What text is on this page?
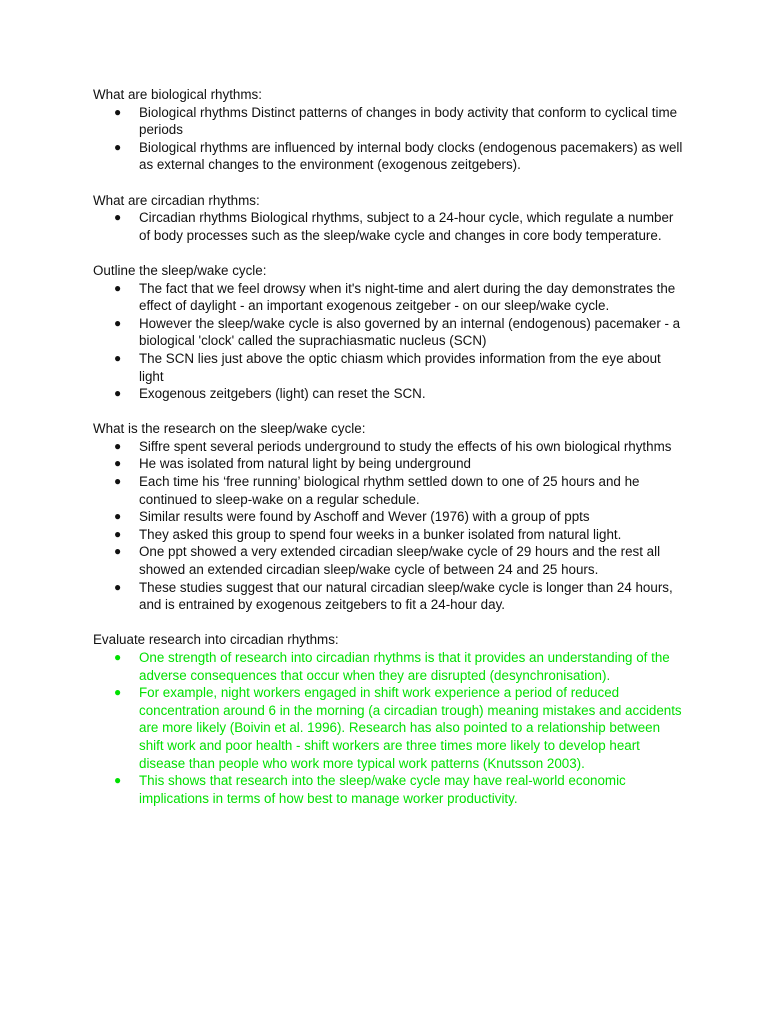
What are biological rhythms:

● Biological rhythms Distinct patterns of changes in body activity that conform to cyclical time periods
● Biological rhythms are influenced by internal body clocks (endogenous pacemakers) as well as external changes to the environment (exogenous zeitgebers).

What are circadian rhythms:

● Circadian rhythms Biological rhythms, subject to a 24-hour cycle, which regulate a number of body processes such as the sleep/wake cycle and changes in core body temperature.

Outline the sleep/wake cycle:

● The fact that we feel drowsy when it's night-time and alert during the day demonstrates the effect of daylight - an important exogenous zeitgeber - on our sleep/wake cycle.
● However the sleep/wake cycle is also governed by an internal (endogenous) pacemaker - a biological 'clock' called the suprachiasmatic nucleus (SCN)
● The SCN lies just above the optic chiasm which provides information from the eye about light
● Exogenous zeitgebers (light) can reset the SCN.

What is the research on the sleep/wake cycle:

● Siffre spent several periods underground to study the effects of his own biological rhythms
● He was isolated from natural light by being underground
● Each time his ‘free running’ biological rhythm settled down to one of 25 hours and he continued to sleep-wake on a regular schedule.
● Similar results were found by Aschoff and Wever (1976) with a group of ppts
● They asked this group to spend four weeks in a bunker isolated from natural light.
● One ppt showed a very extended circadian sleep/wake cycle of 29 hours and the rest all showed an extended circadian sleep/wake cycle of between 24 and 25 hours.
● These studies suggest that our natural circadian sleep/wake cycle is longer than 24 hours, and is entrained by exogenous zeitgebers to fit a 24-hour day.

Evaluate research into circadian rhythms:

● One strength of research into circadian rhythms is that it provides an understanding of the adverse consequences that occur when they are disrupted (desynchronisation).
● For example, night workers engaged in shift work experience a period of reduced concentration around 6 in the morning (a circadian trough) meaning mistakes and accidents are more likely (Boivin et al. 1996). Research has also pointed to a relationship between shift work and poor health - shift workers are three times more likely to develop heart disease than people who work more typical work patterns (Knutsson 2003).
● This shows that research into the sleep/wake cycle may have real-world economic implications in terms of how best to manage worker productivity.
